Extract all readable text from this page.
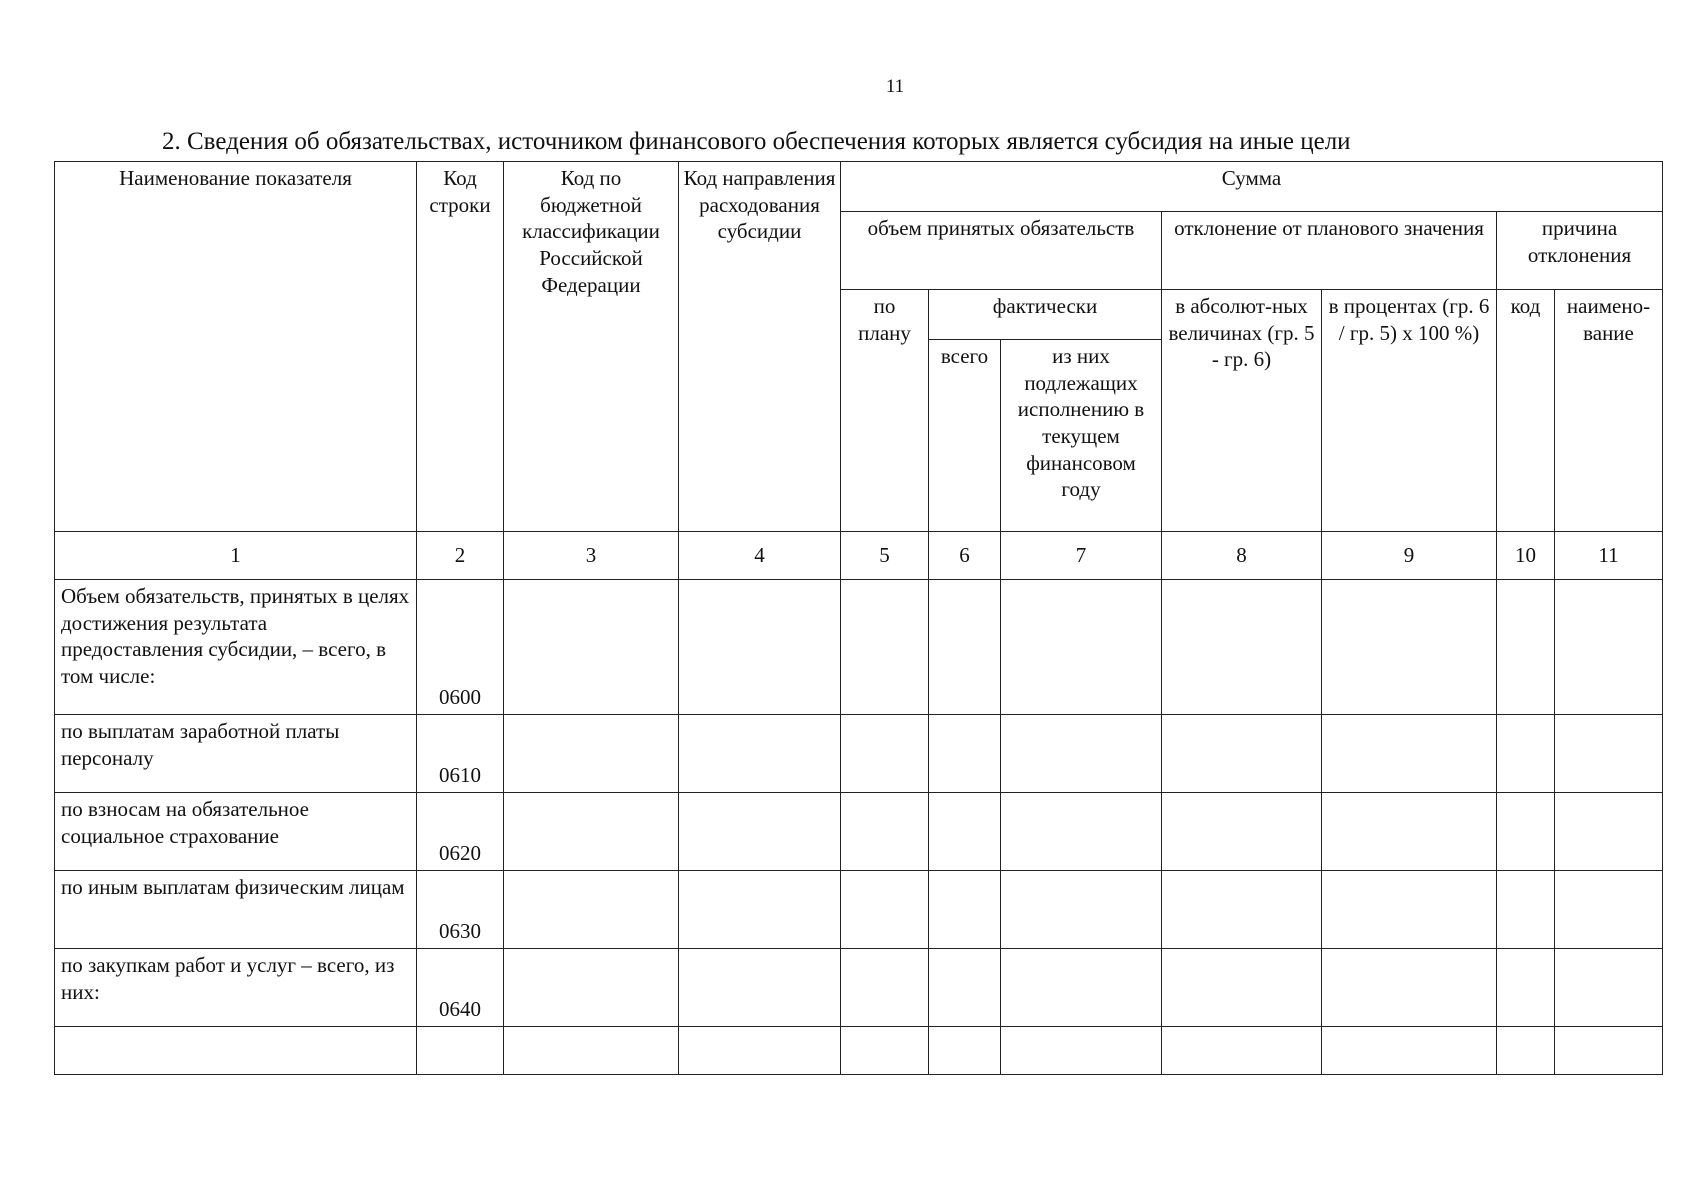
11
2. Сведения об обязательствах, источником финансового обеспечения которых является субсидия на иные цели
Наименование показателя	Код строки	Код по бюджетной классификации Российской Федерации	Код направления расходования субсидии	Сумма						
				объем принятых обязательств			отклонение от планового значения		причина отклонения	
				по плану	фактически		в абсолют-ных величинах (гр. 5 - гр. 6)	в процентах (гр. 6 / гр. 5) х 100 %)	код	наимено-вание
					всего	из них подлежащих исполнению в текущем финансовом году				
1	2	3	4	5	6	7	8	9	10	11
Объем обязательств, принятых в целях достижения результата предоставления субсидии, – всего, в том числе:	0600									
по выплатам заработной платы персоналу	0610									
по взносам на обязательное социальное страхование	0620									
по иным выплатам физическим лицам	0630									
по закупкам работ и услуг – всего, из них:	0640									
